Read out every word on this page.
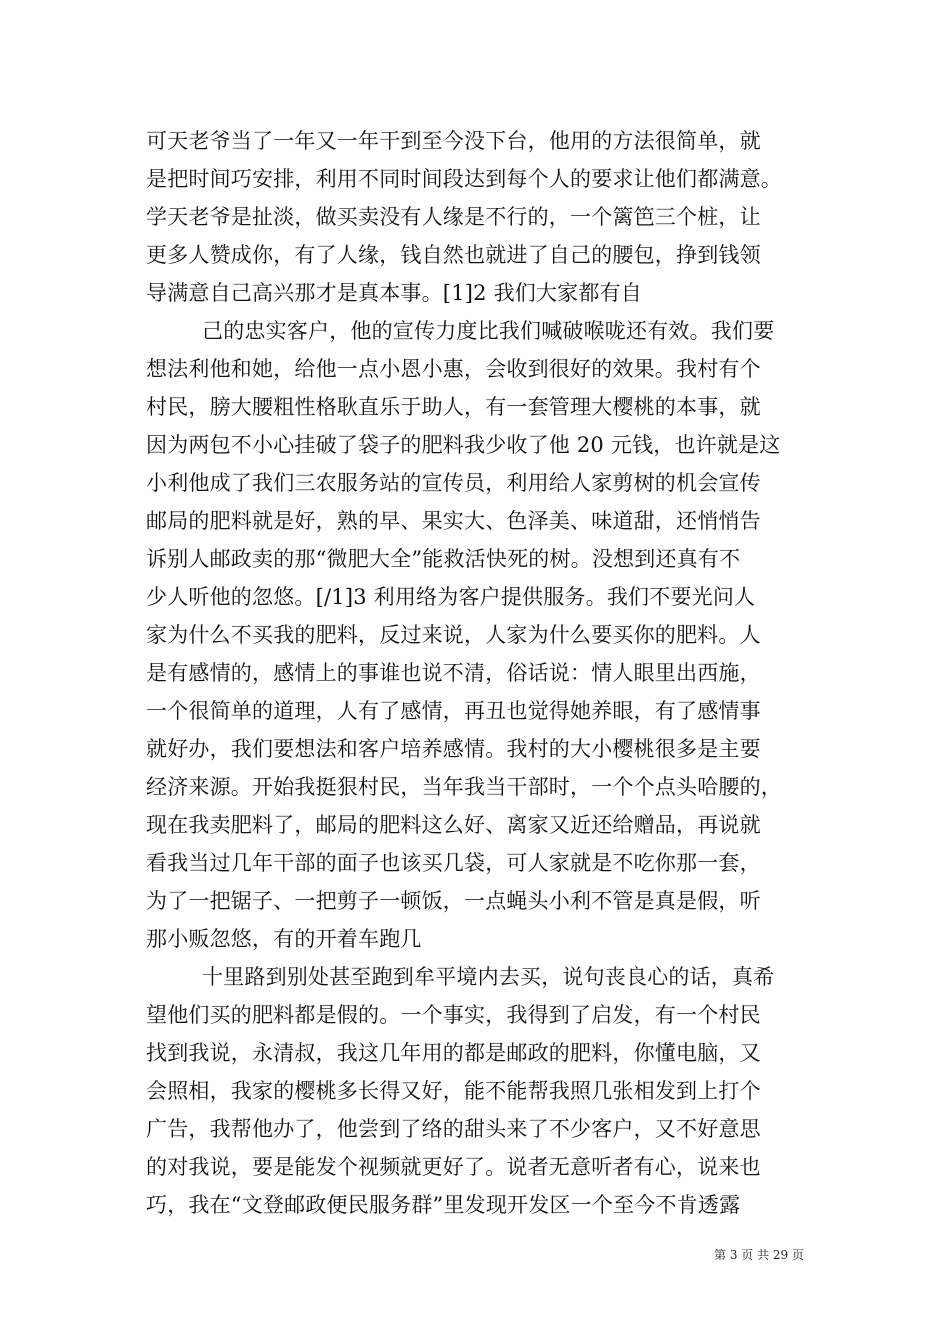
可天老爷当了一年又一年干到至今没下台，他用的方法很简单，就
是把时间巧安排，利用不同时间段达到每个人的要求让他们都满意。
学天老爷是扯淡，做买卖没有人缘是不行的，一个篱笆三个桩，让
更多人赞成你，有了人缘，钱自然也就进了自己的腰包，挣到钱领
导满意自己高兴那才是真本事。[1]2 我们大家都有自
己的忠实客户，他的宣传力度比我们喊破喉咙还有效。我们要
想法利他和她，给他一点小恩小惠，会收到很好的效果。我村有个
村民，膀大腰粗性格耿直乐于助人，有一套管理大樱桃的本事，就
因为两包不小心挂破了袋子的肥料我少收了他 20 元钱，也许就是这
小利他成了我们三农服务站的宣传员，利用给人家剪树的机会宣传
邮局的肥料就是好，熟的早、果实大、色泽美、味道甜，还悄悄告
诉别人邮政卖的那“微肥大全”能救活快死的树。没想到还真有不
少人听他的忽悠。[/1]3 利用络为客户提供服务。我们不要光问人
家为什么不买我的肥料，反过来说，人家为什么要买你的肥料。人
是有感情的，感情上的事谁也说不清，俗话说：情人眼里出西施，
一个很简单的道理，人有了感情，再丑也觉得她养眼，有了感情事
就好办，我们要想法和客户培养感情。我村的大小樱桃很多是主要
经济来源。开始我挺狠村民，当年我当干部时，一个个点头哈腰的，
现在我卖肥料了，邮局的肥料这么好、离家又近还给赠品，再说就
看我当过几年干部的面子也该买几袋，可人家就是不吃你那一套，
为了一把锯子、一把剪子一顿饭，一点蝇头小利不管是真是假，听
那小贩忽悠，有的开着车跑几
十里路到别处甚至跑到牟平境内去买，说句丧良心的话，真希
望他们买的肥料都是假的。一个事实，我得到了启发，有一个村民
找到我说，永清叔，我这几年用的都是邮政的肥料，你懂电脑，又
会照相，我家的樱桃多长得又好，能不能帮我照几张相发到上打个
广告，我帮他办了，他尝到了络的甜头来了不少客户，又不好意思
的对我说，要是能发个视频就更好了。说者无意听者有心，说来也
巧，我在“文登邮政便民服务群”里发现开发区一个至今不肯透露
第 3 页 共 29 页
